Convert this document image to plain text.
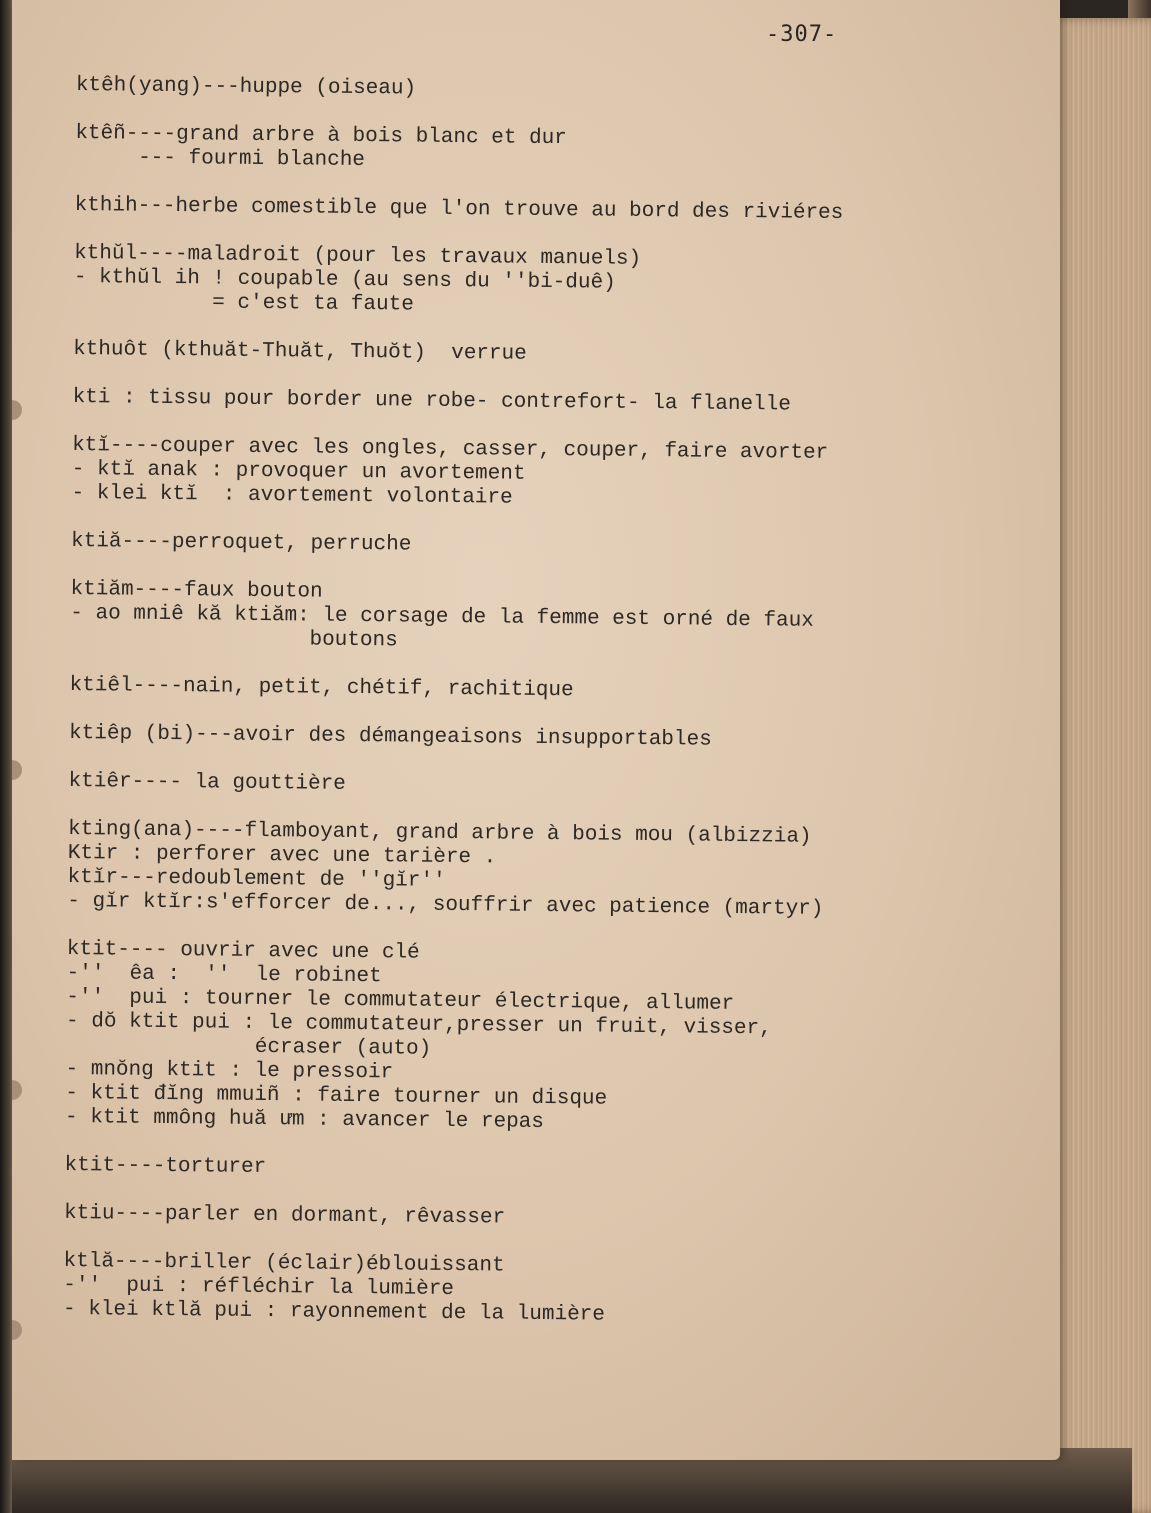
-307-
ktêh(yang)---huppe (oiseau)
ktêñ----grand arbre à bois blanc et dur
--- fourmi blanche
kthih---herbe comestible que l'on trouve au bord des riviéres
kthŭl----maladroit (pour les travaux manuels)
- kthŭl ih ! coupable (au sens du ''bi-duê)
= c'est ta faute
kthuôt (kthuăt-Thuăt, Thuŏt)  verrue
kti : tissu pour border une robe- contrefort- la flanelle
ktĭ----couper avec les ongles, casser, couper, faire avorter
- ktĭ anak : provoquer un avortement
- klei ktĭ  : avortement volontaire
ktiă----perroquet, perruche
ktiăm----faux bouton
- ao mniê kă ktiăm: le corsage de la femme est orné de faux
boutons
ktiêl----nain, petit, chétif, rachitique
ktiêp (bi)---avoir des démangeaisons insupportables
ktiêr---- la gouttière
kting(ana)----flamboyant, grand arbre à bois mou (albizzia)
Ktir : perforer avec une tarière .
ktĭr---redoublement de ''gĭr''
- gĭr ktĭr:s'efforcer de..., souffrir avec patience (martyr)
ktit---- ouvrir avec une clé
-''  êa :  ''  le robinet
-''  pui : tourner le commutateur électrique, allumer
- dŏ ktit pui : le commutateur,presser un fruit, visser,
écraser (auto)
- mnŏng ktit : le pressoir
- ktit đĭng mmuiñ : faire tourner un disque
- ktit mmông huă ưm : avancer le repas
ktit----torturer
ktiu----parler en dormant, rêvasser
ktlă----briller (éclair)éblouissant
-''  pui : réfléchir la lumière
- klei ktlă pui : rayonnement de la lumière
